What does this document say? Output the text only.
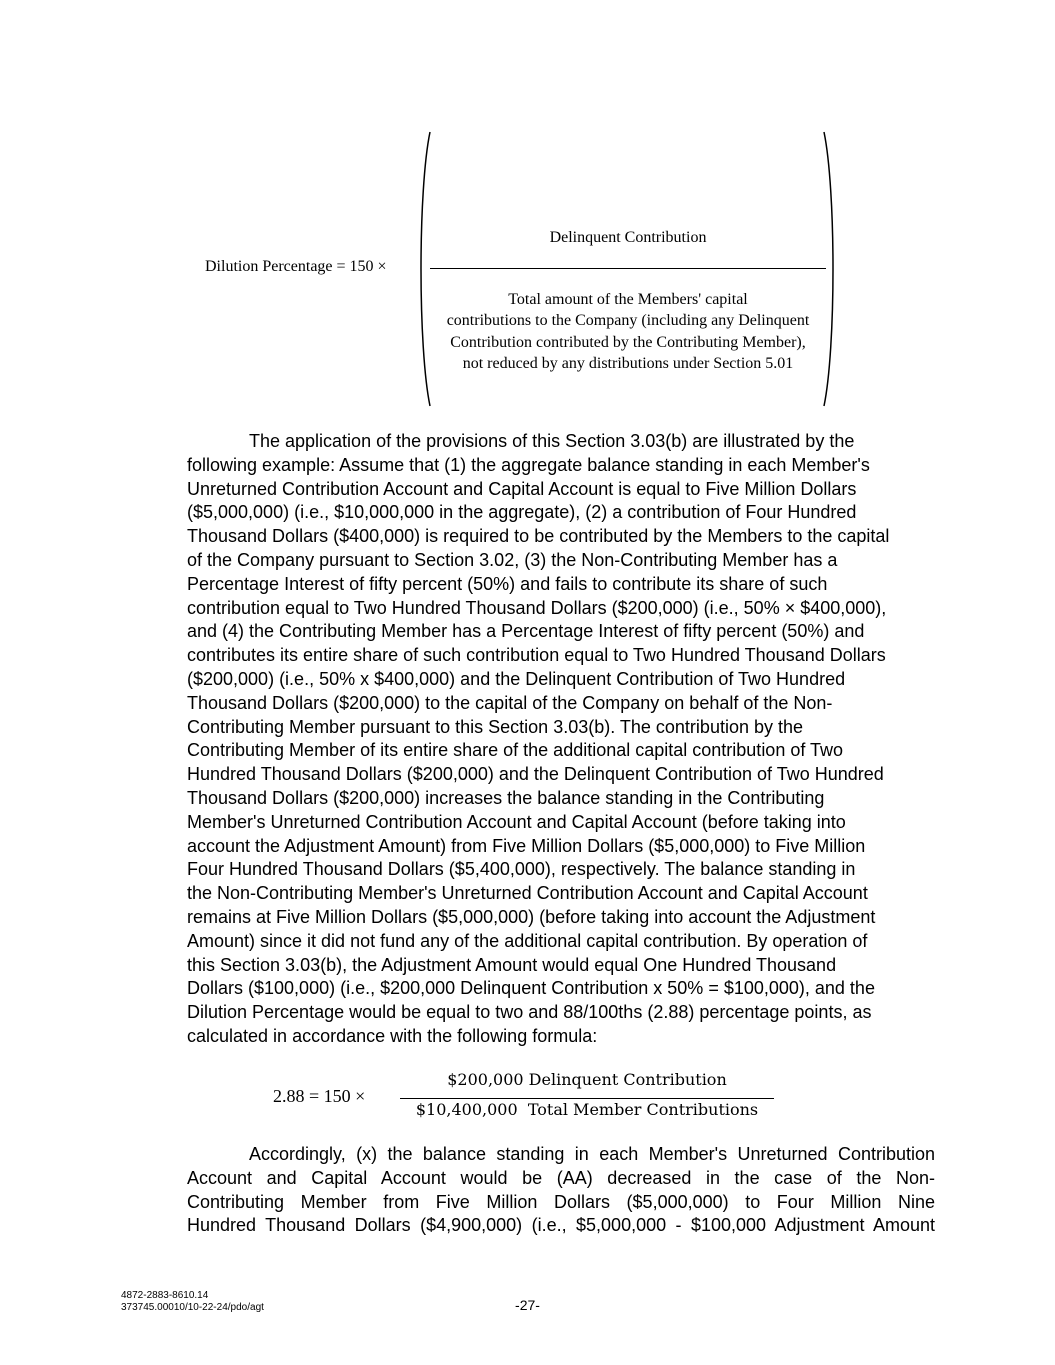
Dilution Percentage = 150 ×
Delinquent Contribution
Total amount of the Members' capital
contributions to the Company (including any Delinquent
Contribution contributed by the Contributing Member),
not reduced by any distributions under Section 5.01
The application of the provisions of this Section 3.03(b) are illustrated by the
following example: Assume that (1) the aggregate balance standing in each Member's
Unreturned Contribution Account and Capital Account is equal to Five Million Dollars
($5,000,000) (i.e., $10,000,000 in the aggregate), (2) a contribution of Four Hundred
Thousand Dollars ($400,000) is required to be contributed by the Members to the capital
of the Company pursuant to Section 3.02, (3) the Non-Contributing Member has a
Percentage Interest of fifty percent (50%) and fails to contribute its share of such
contribution equal to Two Hundred Thousand Dollars ($200,000) (i.e., 50% × $400,000),
and (4) the Contributing Member has a Percentage Interest of fifty percent (50%) and
contributes its entire share of such contribution equal to Two Hundred Thousand Dollars
($200,000) (i.e., 50% x $400,000) and the Delinquent Contribution of Two Hundred
Thousand Dollars ($200,000) to the capital of the Company on behalf of the Non-
Contributing Member pursuant to this Section 3.03(b). The contribution by the
Contributing Member of its entire share of the additional capital contribution of Two
Hundred Thousand Dollars ($200,000) and the Delinquent Contribution of Two Hundred
Thousand Dollars ($200,000) increases the balance standing in the Contributing
Member's Unreturned Contribution Account and Capital Account (before taking into
account the Adjustment Amount) from Five Million Dollars ($5,000,000) to Five Million
Four Hundred Thousand Dollars ($5,400,000), respectively. The balance standing in
the Non-Contributing Member's Unreturned Contribution Account and Capital Account
remains at Five Million Dollars ($5,000,000) (before taking into account the Adjustment
Amount) since it did not fund any of the additional capital contribution. By operation of
this Section 3.03(b), the Adjustment Amount would equal One Hundred Thousand
Dollars ($100,000) (i.e., $200,000 Delinquent Contribution x 50% = $100,000), and the
Dilution Percentage would be equal to two and 88/100ths (2.88) percentage points, as
calculated in accordance with the following formula:
2.88 = 150 ×
$200,000 Delinquent Contribution
$10,400,000  Total Member Contributions
Accordingly, (x) the balance standing in each Member's Unreturned Contribution
Account and Capital Account would be (AA) decreased in the case of the Non-
Contributing Member from Five Million Dollars ($5,000,000) to Four Million Nine
Hundred Thousand Dollars ($4,900,000) (i.e., $5,000,000 - $100,000 Adjustment Amount
4872-2883-8610.14
373745.00010/10-22-24/pdo/agt	-27-
